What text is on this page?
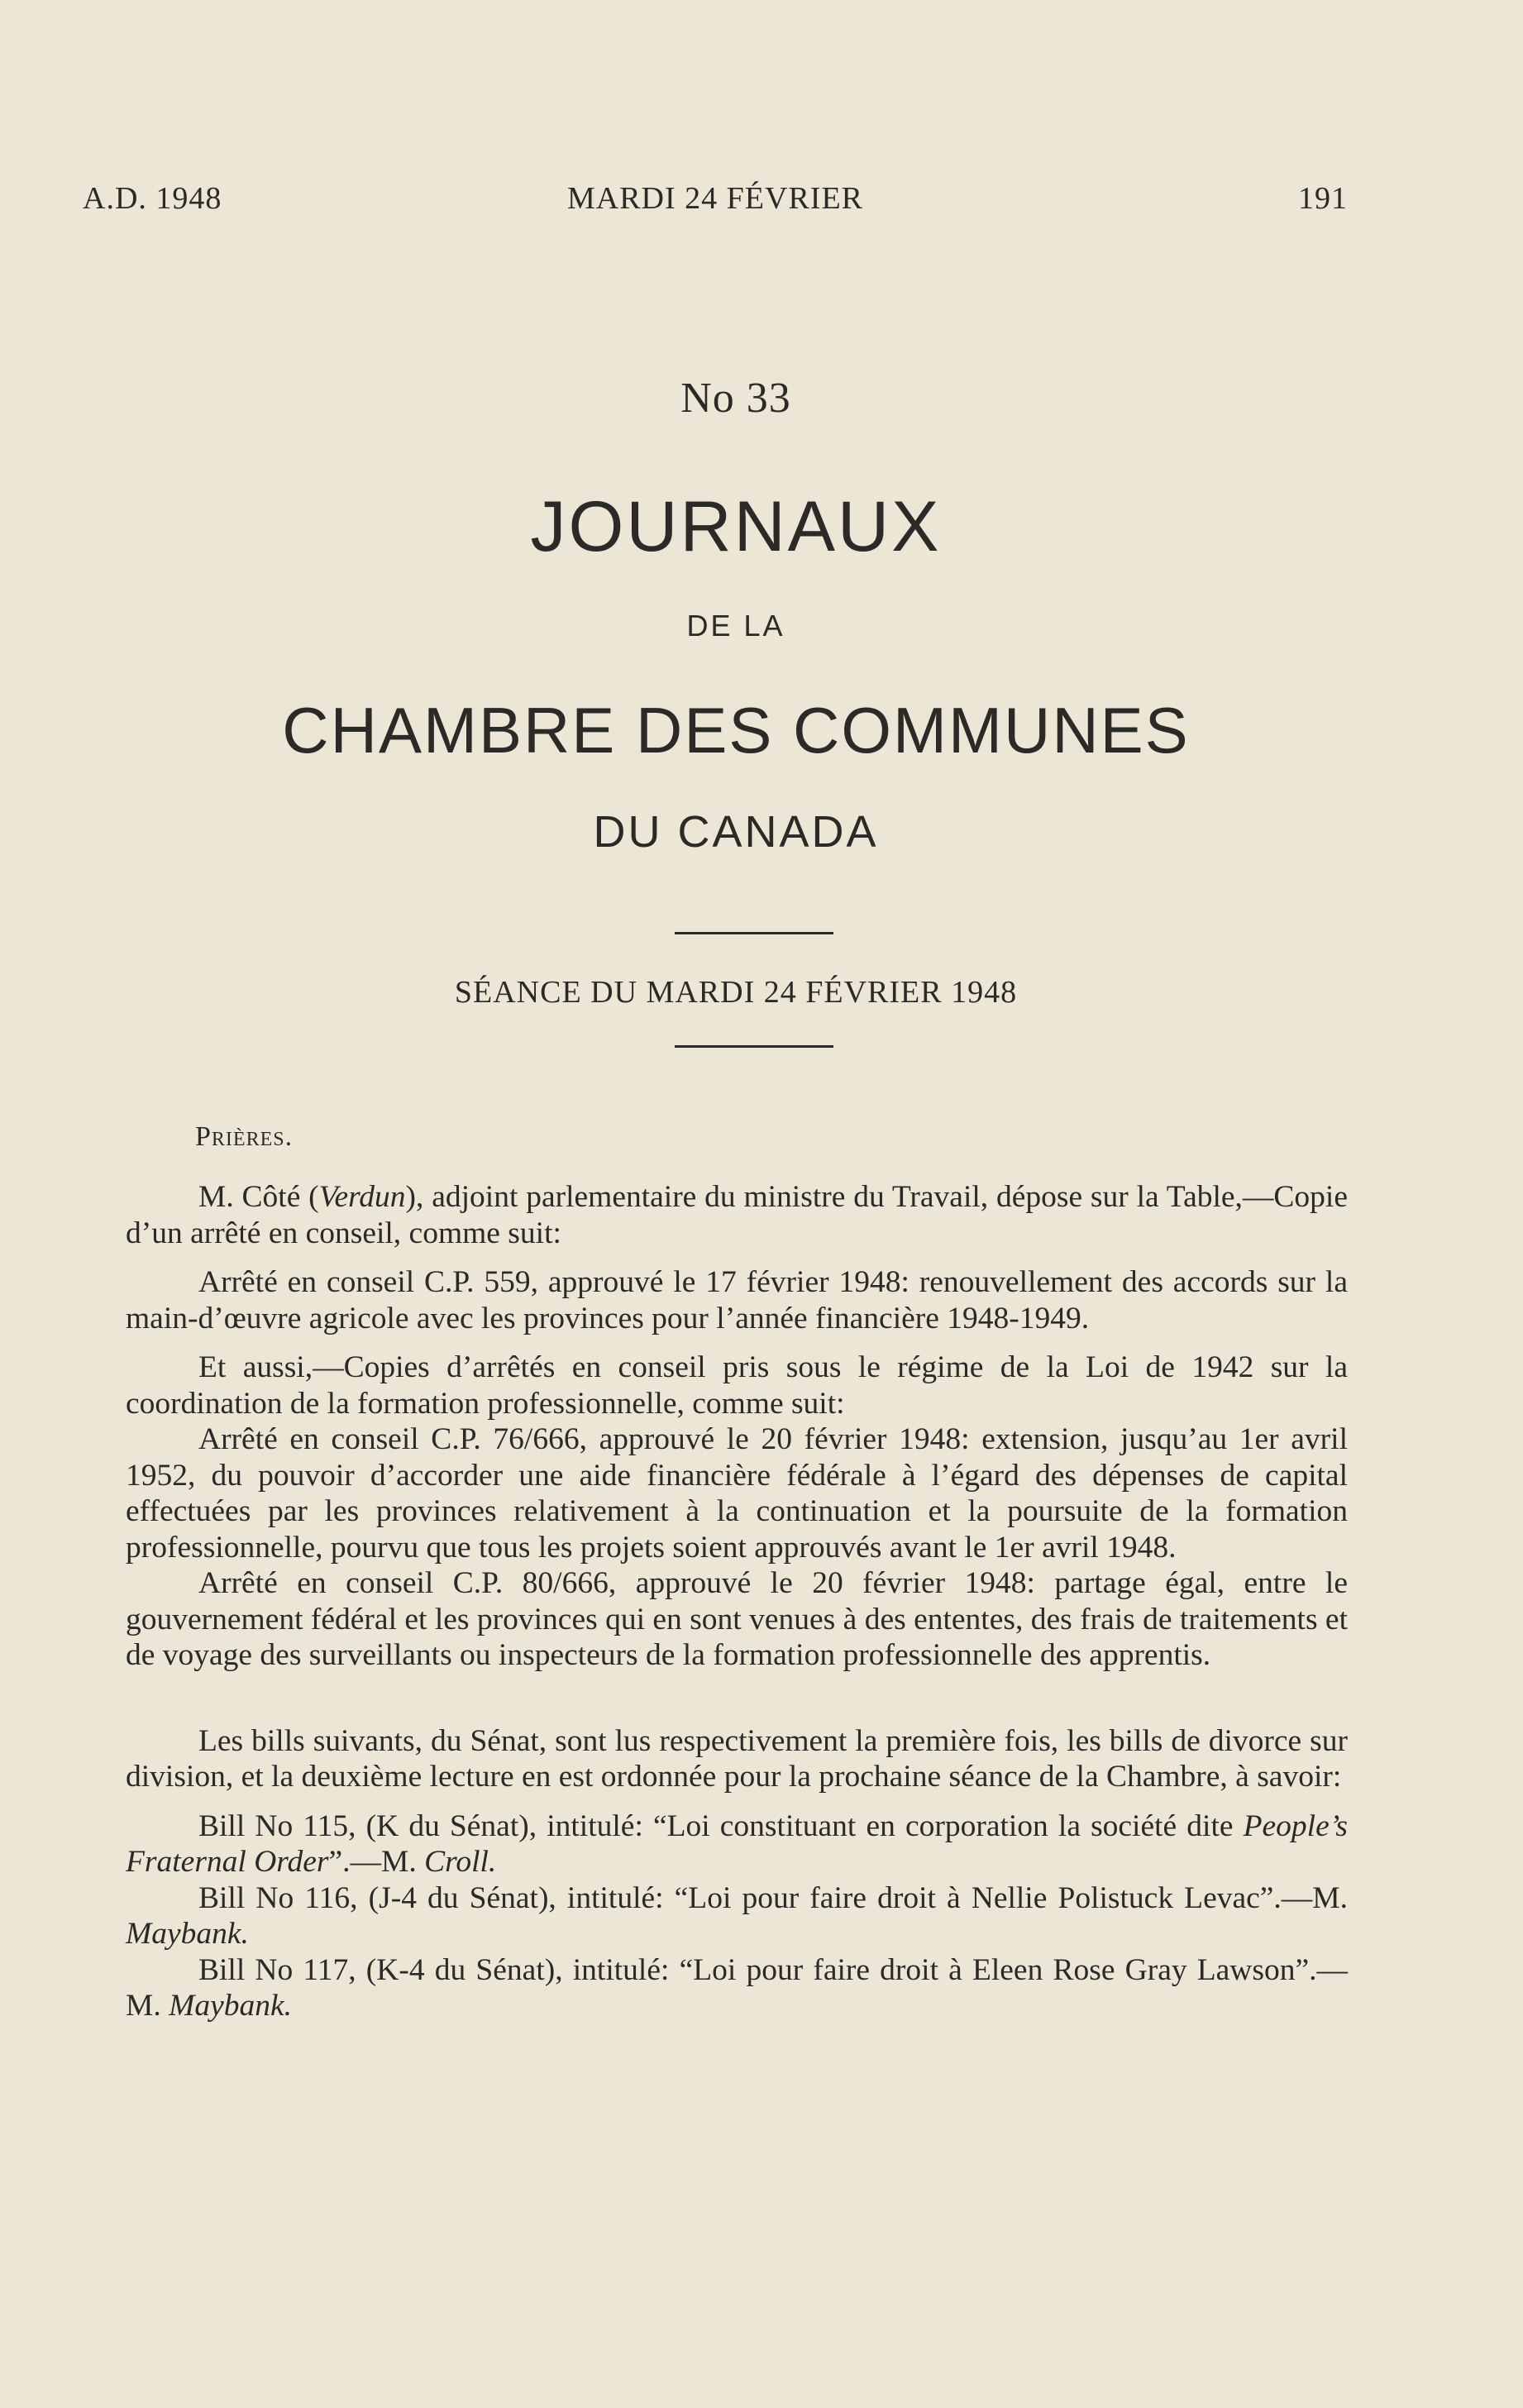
A.D. 1948	MARDI 24 FÉVRIER	191
No 33
JOURNAUX
DE LA
CHAMBRE DES COMMUNES
DU CANADA
SÉANCE DU MARDI 24 FÉVRIER 1948
Prières.

M. Côté (Verdun), adjoint parlementaire du ministre du Travail, dépose sur la Table,—Copie d’un arrêté en conseil, comme suit:

Arrêté en conseil C.P. 559, approuvé le 17 février 1948: renouvellement des accords sur la main-d’œuvre agricole avec les provinces pour l’année financière 1948-1949.

Et aussi,—Copies d’arrêtés en conseil pris sous le régime de la Loi de 1942 sur la coordination de la formation professionnelle, comme suit:

Arrêté en conseil C.P. 76/666, approuvé le 20 février 1948: extension, jusqu’au 1er avril 1952, du pouvoir d’accorder une aide financière fédérale à l’égard des dépenses de capital effectuées par les provinces relativement à la continuation et la poursuite de la formation professionnelle, pourvu que tous les projets soient approuvés avant le 1er avril 1948.

Arrêté en conseil C.P. 80/666, approuvé le 20 février 1948: partage égal, entre le gouvernement fédéral et les provinces qui en sont venues à des ententes, des frais de traitements et de voyage des surveillants ou inspecteurs de la formation professionnelle des apprentis.

Les bills suivants, du Sénat, sont lus respectivement la première fois, les bills de divorce sur division, et la deuxième lecture en est ordonnée pour la prochaine séance de la Chambre, à savoir:

Bill No 115, (K du Sénat), intitulé: “Loi constituant en corporation la société dite People’s Fraternal Order”.—M. Croll.

Bill No 116, (J-4 du Sénat), intitulé: “Loi pour faire droit à Nellie Polistuck Levac”.—M. Maybank.

Bill No 117, (K-4 du Sénat), intitulé: “Loi pour faire droit à Eleen Rose Gray Lawson”.—M. Maybank.
